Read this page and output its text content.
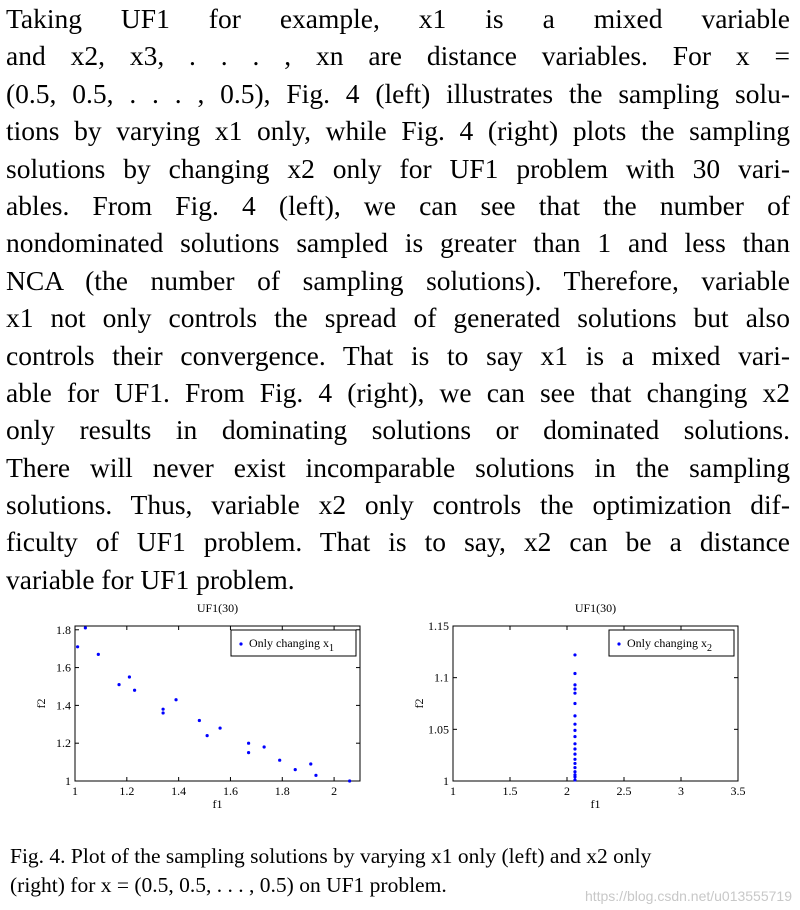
Taking UF1 for example, x1 is a mixed variable
and x2, x3, . . . , xn are distance variables. For x =
(0.5, 0.5, . . . , 0.5), Fig. 4 (left) illustrates the sampling solu-
tions by varying x1 only, while Fig. 4 (right) plots the sampling
solutions by changing x2 only for UF1 problem with 30 vari-
ables. From Fig. 4 (left), we can see that the number of
nondominated solutions sampled is greater than 1 and less than
NCA (the number of sampling solutions). Therefore, variable
x1 not only controls the spread of generated solutions but also
controls their convergence. That is to say x1 is a mixed vari-
able for UF1. From Fig. 4 (right), we can see that changing x2
only results in dominating solutions or dominated solutions.
There will never exist incomparable solutions in the sampling
solutions. Thus, variable x2 only controls the optimization dif-
ficulty of UF1 problem. That is to say, x2 can be a distance
variable for UF1 problem.
UF1(30)
1	1.2	1.4	1.6	1.8	2
1
1.2
1.4
1.6
1.8
f1
f2
Only changing $x_1$
UF1(30)
1	1.5	2	2.5	3	3.5
1
1.05
1.1
1.15
f1
f2
Only changing $x_2$
Fig. 4. Plot of the sampling solutions by varying x1 only (left) and x2 only
(right) for x = (0.5, 0.5, . . . , 0.5) on UF1 problem.	https://blog.csdn.net/u013555719
